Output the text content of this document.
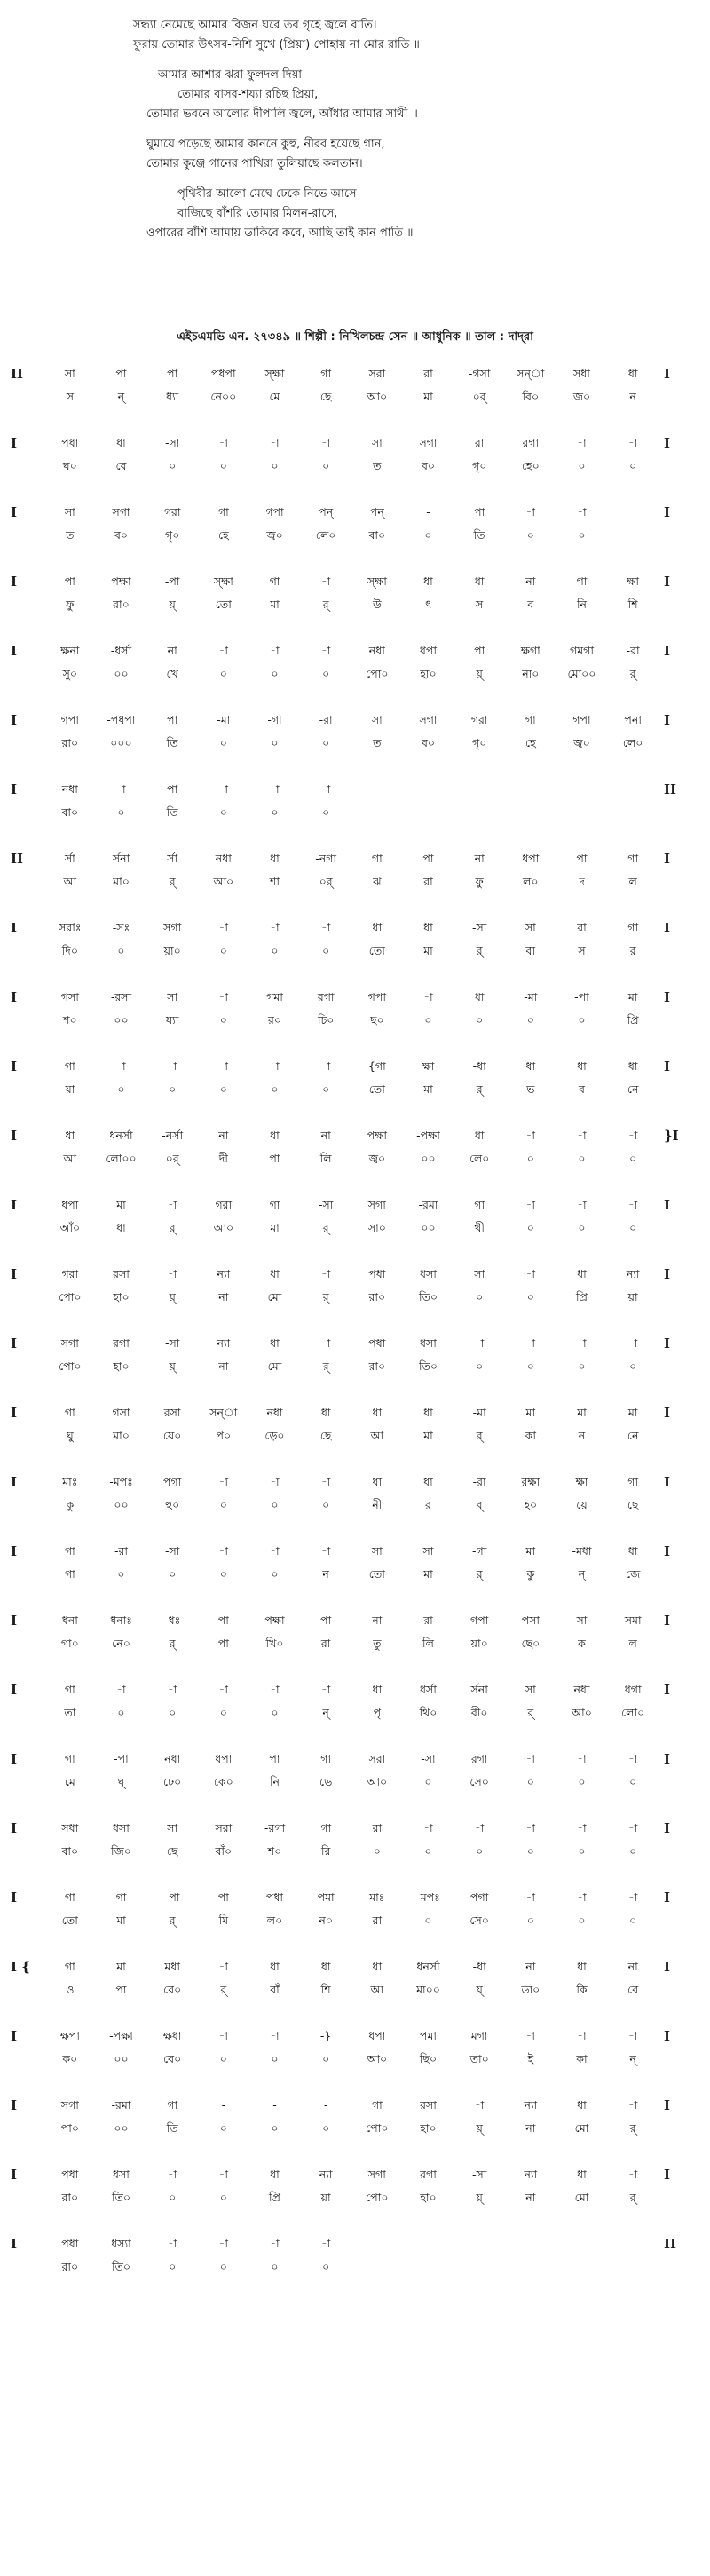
সন্ধ্যা নেমেছে আমার বিজন ঘরে তব গৃহে জ্বলে বাতি।
ফুরায় তোমার উৎসব-নিশি সুখে (প্রিয়া) পোহায় না মোর রাতি ॥
আমার আশার ঝরা ফুলদল দিয়া
তোমার বাসর-শয্যা রচিছ প্রিয়া,
তোমার ভবনে আলোর দীপালি জ্বলে, আঁধার আমার সাথী ॥
ঘুমায়ে পড়েছে আমার কাননে কুহু, নীরব হয়েছে গান,
তোমার কুঞ্জে গানের পাখিরা তুলিয়াছে কলতান।
পৃথিবীর আলো মেঘে ঢেকে নিভে আসে
বাজিছে বাঁশরি তোমার মিলন-রাসে,
ওপারের বাঁশি আমায় ডাকিবে কবে, আছি তাই কান পাতি ॥
এইচএমভি এন. ২৭৩৪৯ ॥ শিল্পী : নিখিলচন্দ্র সেন ॥ আধুনিক ॥ তাল : দাদ্‌রা
II	সা	পা	পা	পধপা	স্ক্ষা	গা	সরা	রা	-গসা	সন্‌া	সধা	ধা
স	ন্	ধ্যা	নে০০	মে	ছে	আ০	মা	০র্	বি০	জ০	ন
I
I	পধা	ধা	-সা	-া	-া	-া	সা	সগা	রা	রগা	-া	-া
ঘ০	রে	০	০	০	০	ত	ব০	গৃ০	হে০	০	০
I
I	সা	সগা	গরা	গা	গপা	পন্‌	পন্‌	-	পা	-া	-া
ত	ব০	গৃ০	হে	জ্ব০	লে০	বা০	০	তি	০	০
I
I	পা	পক্ষা	-পা	স্ক্ষা	গা	-া	স্ক্ষা	ধা	ধা	না	গা	ক্ষা
ফু	রা০	য়্	তো	মা	র্	উ	ৎ	স	ব	নি	শি
I
I	ক্ষনা	-ধর্সা	না	-া	-া	-া	নধা	ধপা	পা	ক্ষগা	গমগা	-রা
সু০	০০	খে	০	০	০	পো০	হা০	য়্	না০	মো০০	র্
I
I	গপা	-পধপা	পা	-মা	-গা	-রা	সা	সগা	গরা	গা	গপা	পনা
রা০	০০০	তি	০	০	০	ত	ব০	গৃ০	হে	জ্ব০	লে০
I
I	নধা	-া	পা	-া	-া	-া
বা০	০	তি	০	০	০
II
II	র্সা	র্সনা	র্সা	নধা	ধা	-নগা	গা	পা	না	ধপা	পা	গা
আ	মা০	র্	আ০	শা	০র্	ঝ	রা	ফু	ল০	দ	ল
I
I	সরাঃ	-সঃ	সগা	-া	-া	-া	ধা	ধা	-সা	সা	রা	গা
দি০	০	য়া০	০	০	০	তো	মা	র্	বা	স	র
I
I	গসা	-রসা	সা	-া	গমা	রগা	গপা	-া	ধা	-মা	-পা	মা
শ০	০০	য্যা	০	র০	চি০	ছ০	০	০	০	০	প্রি
I
I	গা	-া	-া	-া	-া	-া	{গা	ক্ষা	-ধা	ধা	ধা	ধা
য়া	০	০	০	০	০	তো	মা	র্	ভ	ব	নে
I
I	ধা	ধনর্সা	-নর্সা	না	ধা	না	পক্ষা	-পক্ষা	ধা	-া	-া	-া
আ	লো০০	০র্	দী	পা	লি	জ্ব০	০০	লে০	০	০	০
}I
I	ধপা	মা	-া	গরা	গা	-সা	সগা	-রমা	গা	-া	-া	-া
আঁ০	ধা	র্	আ০	মা	র্	সা০	০০	থী	০	০	০
I
I	গরা	রসা	-া	ন্যা	ধা	-া	পধা	ধসা	সা	-া	ধা	ন্যা
পো০	হা০	য়্	না	মো	র্	রা০	তি০	০	০	প্রি	য়া
I
I	সগা	রগা	-সা	ন্যা	ধা	-া	পধা	ধসা	-া	-া	-া	-া
পো০	হা০	য়্	না	মো	র্	রা০	তি০	০	০	০	০
I
I	গা	গসা	রসা	সন্‌া	নধা	ধা	ধা	ধা	-মা	মা	মা	মা
ঘু	মা০	য়ে০	প০	ড়ে০	ছে	আ	মা	র্	কা	ন	নে
I
I	মাঃ	-মপঃ	পগা	-া	-া	-া	ধা	ধা	-রা	রক্ষা	ক্ষা	গা
কু	০০	হু০	০	০	০	নী	র	ব্	হ০	য়ে	ছে
I
I	গা	-রা	-সা	-া	-া	-া	সা	সা	-গা	মা	-মধা	ধা
গা	০	০	০	০	ন	তো	মা	র্	কু	ন্	জে
I
I	ধনা	ধনাঃ	-ধঃ	পা	পক্ষা	পা	না	রা	গপা	পসা	সা	সমা
গা০	নে০	র্	পা	খি০	রা	তু	লি	য়া০	ছে০	ক	ল
I
I	গা	-া	-া	-া	-া	-া	ধা	ধর্সা	র্সনা	সা	নধা	ধগা
তা	০	০	০	০	ন্	পৃ	থি০	বী০	র্	আ০	লো০
I
I	গা	-পা	নধা	ধপা	পা	গা	সরা	-সা	রগা	-া	-া	-া
মে	ঘ্	ঢে০	কে০	নি	ভে	আ০	০	সে০	০	০	০
I
I	সধা	ধসা	সা	সরা	-রগা	গা	রা	-া	-া	-া	-া	-া
বা০	জি০	ছে	বাঁ০	শ০	রি	০	০	০	০	০	০
I
I	গা	গা	-পা	পা	পধা	পমা	মাঃ	-মপঃ	পগা	-া	-া	-া
তো	মা	র্	মি	ল০	ন০	রা	০	সে০	০	০	০
I
I {	গা	মা	মধা	-া	ধা	ধা	ধা	ধনর্সা	-ধা	না	ধা	না
ও	পা	রে০	র্	বাঁ	শি	আ	মা০০	য়্	ডা০	কি	বে
I
I	ক্ষপা	-পক্ষা	ক্ষধা	-া	-া	-}	ধপা	পমা	মগা	-া	-া	-া
ক০	০০	বে০	০	০	০	আ০	ছি০	তা০	ই	কা	ন্
I
I	সগা	-রমা	গা	-	-	-	গা	রসা	-া	ন্যা	ধা	-া
পা০	০০	তি	০	০	০	পো০	হা০	য়্	না	মো	র্
I
I	পধা	ধসা	-া	-া	ধা	ন্যা	সগা	রগা	-সা	ন্যা	ধা	-া
রা০	তি০	০	০	প্রি	য়া	পো০	হা০	য়্	না	মো	র্
I
I	পধা	ধস্যা	-া	-া	-া	-া
রা০	তি০	০	০	০	০
II
